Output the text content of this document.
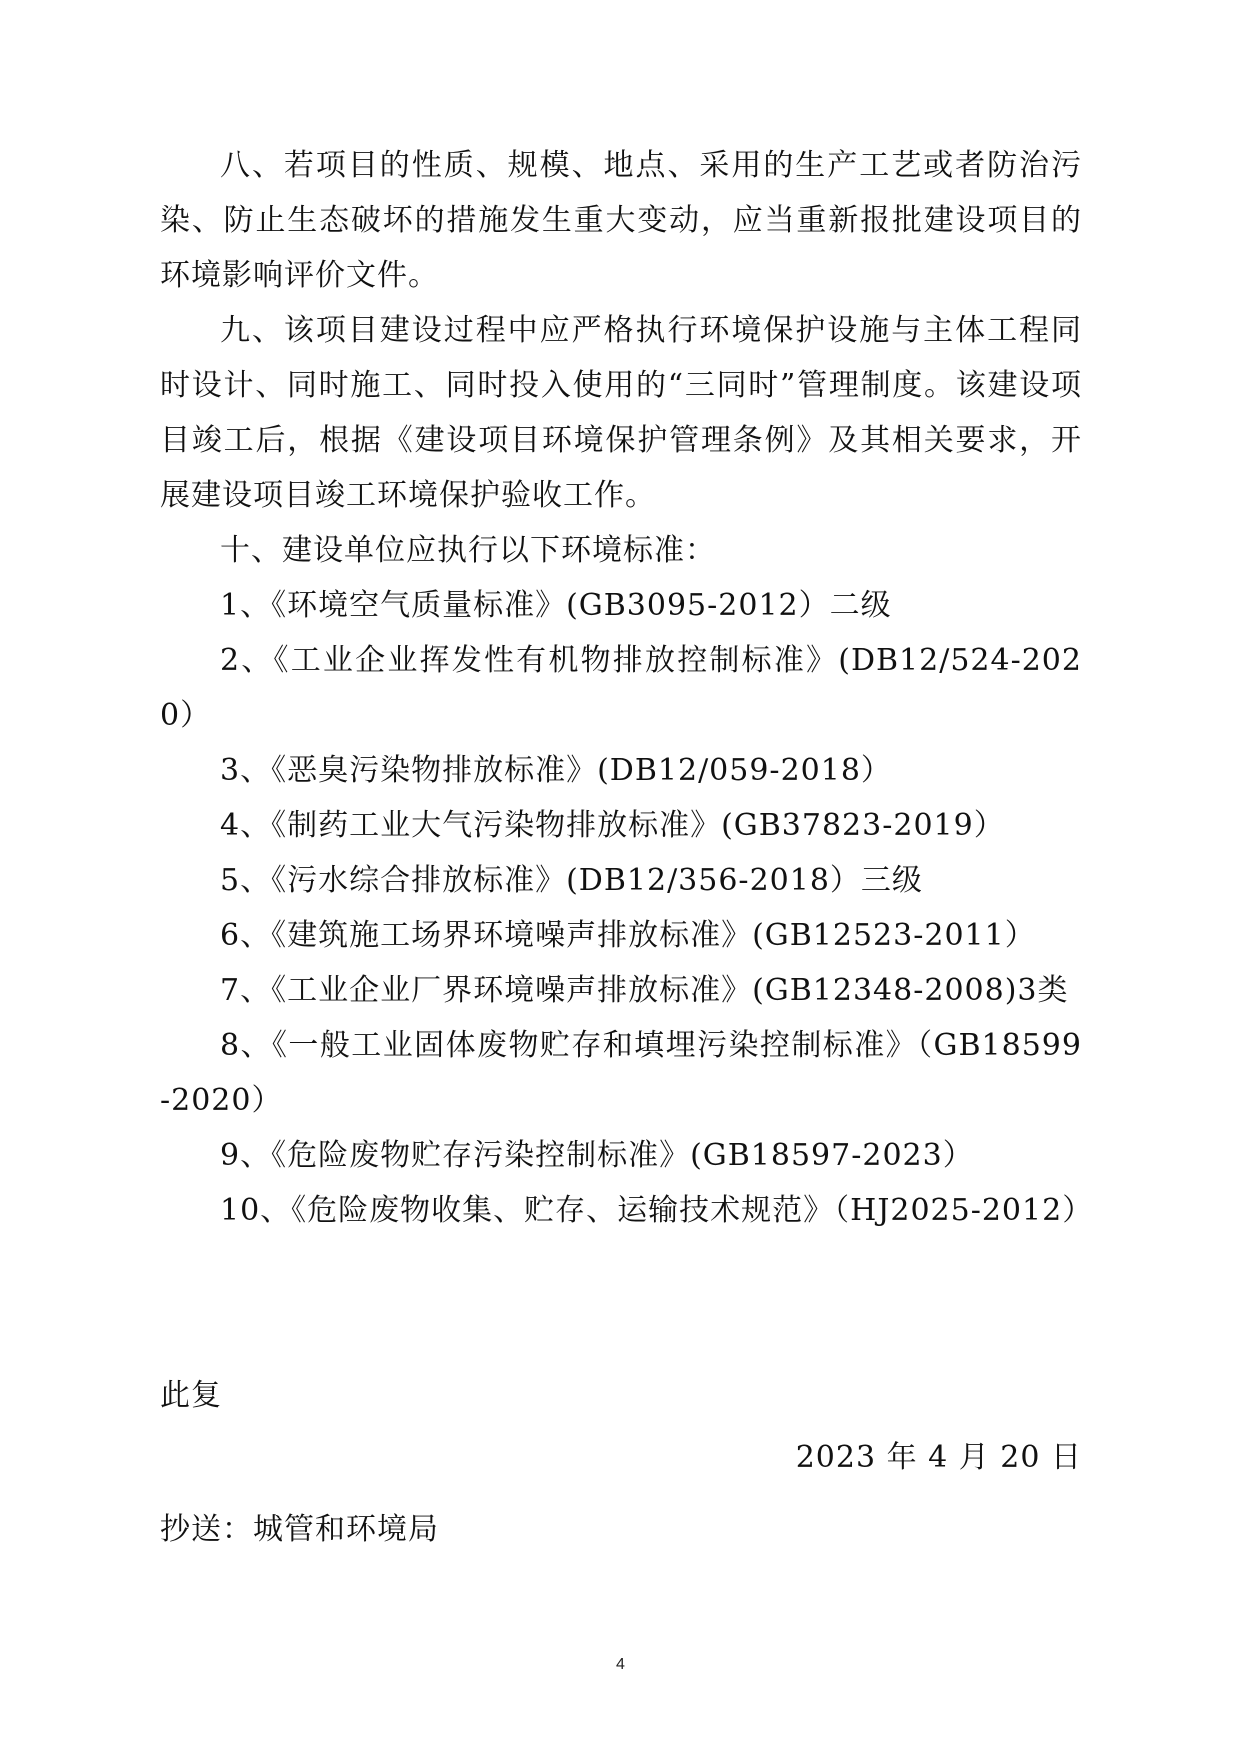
八、若项目的性质、规模、地点、采用的生产工艺或者防治污染、防止生态破坏的措施发生重大变动，应当重新报批建设项目的环境影响评价文件。

九、该项目建设过程中应严格执行环境保护设施与主体工程同时设计、同时施工、同时投入使用的“三同时”管理制度。该建设项目竣工后，根据《建设项目环境保护管理条例》及其相关要求，开展建设项目竣工环境保护验收工作。

十、建设单位应执行以下环境标准：

1、《环境空气质量标准》(GB3095-2012）二级

2、《工业企业挥发性有机物排放控制标准》(DB12/524-2020）

3、《恶臭污染物排放标准》(DB12/059-2018）

4、《制药工业大气污染物排放标准》(GB37823-2019）

5、《污水综合排放标准》(DB12/356-2018）三级

6、《建筑施工场界环境噪声排放标准》(GB12523-2011）

7、《工业企业厂界环境噪声排放标准》(GB12348-2008)3类

8、《一般工业固体废物贮存和填埋污染控制标准》（GB18599-2020）

9、《危险废物贮存污染控制标准》(GB18597-2023）

10、《危险废物收集、贮存、运输技术规范》（HJ2025-2012）

此复
2023 年 4 月 20 日
抄送：城管和环境局
4
